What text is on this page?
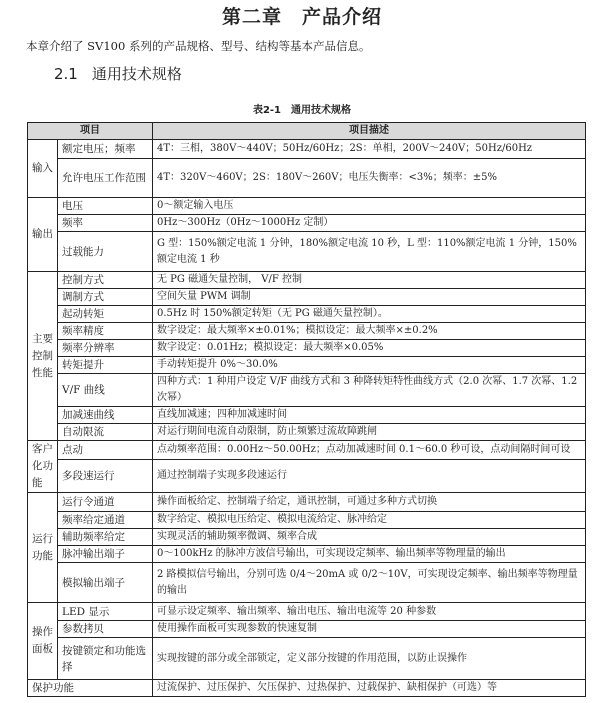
第二章　产品介绍
本章介绍了 SV100 系列的产品规格、型号、结构等基本产品信息。
2.1 通用技术规格
表2-1 通用技术规格
项目		项目描述
输入	额定电压；频率	4T：三相，380V～440V；50Hz/60Hz；2S：单相，200V～240V；50Hz/60Hz
	允许电压工作范围	4T：320V～460V；2S：180V～260V；电压失衡率：<3%；频率：±5%
输出	电压	0～额定输入电压
	频率	0Hz～300Hz（0Hz～1000Hz 定制）
	过载能力	G 型：150%额定电流 1 分钟，180%额定电流 10 秒，L 型：110%额定电流 1 分钟，150%额定电流 1 秒
主要控制性能	控制方式	无 PG 磁通矢量控制， V/F 控制
	调制方式	空间矢量 PWM 调制
	起动转矩	0.5Hz 时 150%额定转矩（无 PG 磁通矢量控制）。
	频率精度	数字设定：最大频率×±0.01%；模拟设定：最大频率×±0.2%
	频率分辨率	数字设定：0.01Hz；模拟设定：最大频率×0.05%
	转矩提升	手动转矩提升 0%～30.0%
	V/F 曲线	四种方式：1 种用户设定 V/F 曲线方式和 3 种降转矩特性曲线方式（2.0 次幂、1.7 次幂、1.2 次幂）
	加减速曲线	直线加减速；四种加减速时间
	自动限流	对运行期间电流自动限制，防止频繁过流故障跳闸
客户化功能	点动	点动频率范围：0.00Hz～50.00Hz；点动加减速时间 0.1～60.0 秒可设，点动间隔时间可设
	多段速运行	通过控制端子实现多段速运行
运行功能	运行令通道	操作面板给定、控制端子给定，通讯控制，可通过多种方式切换
	频率给定通道	数字给定、模拟电压给定、模拟电流给定、脉冲给定
	辅助频率给定	实现灵活的辅助频率微调、频率合成
	脉冲输出端子	0～100kHz 的脉冲方波信号输出，可实现设定频率、输出频率等物理量的输出
	模拟输出端子	2 路模拟信号输出，分别可选 0/4～20mA 或 0/2～10V，可实现设定频率、输出频率等物理量的输出
操作面板	LED 显示	可显示设定频率、输出频率、输出电压、输出电流等 20 种参数
	参数拷贝	使用操作面板可实现参数的快速复制
	按键锁定和功能选择	实现按键的部分或全部锁定，定义部分按键的作用范围，以防止误操作
保护功能		过流保护、过压保护、欠压保护、过热保护、过载保护、缺相保护（可选）等
